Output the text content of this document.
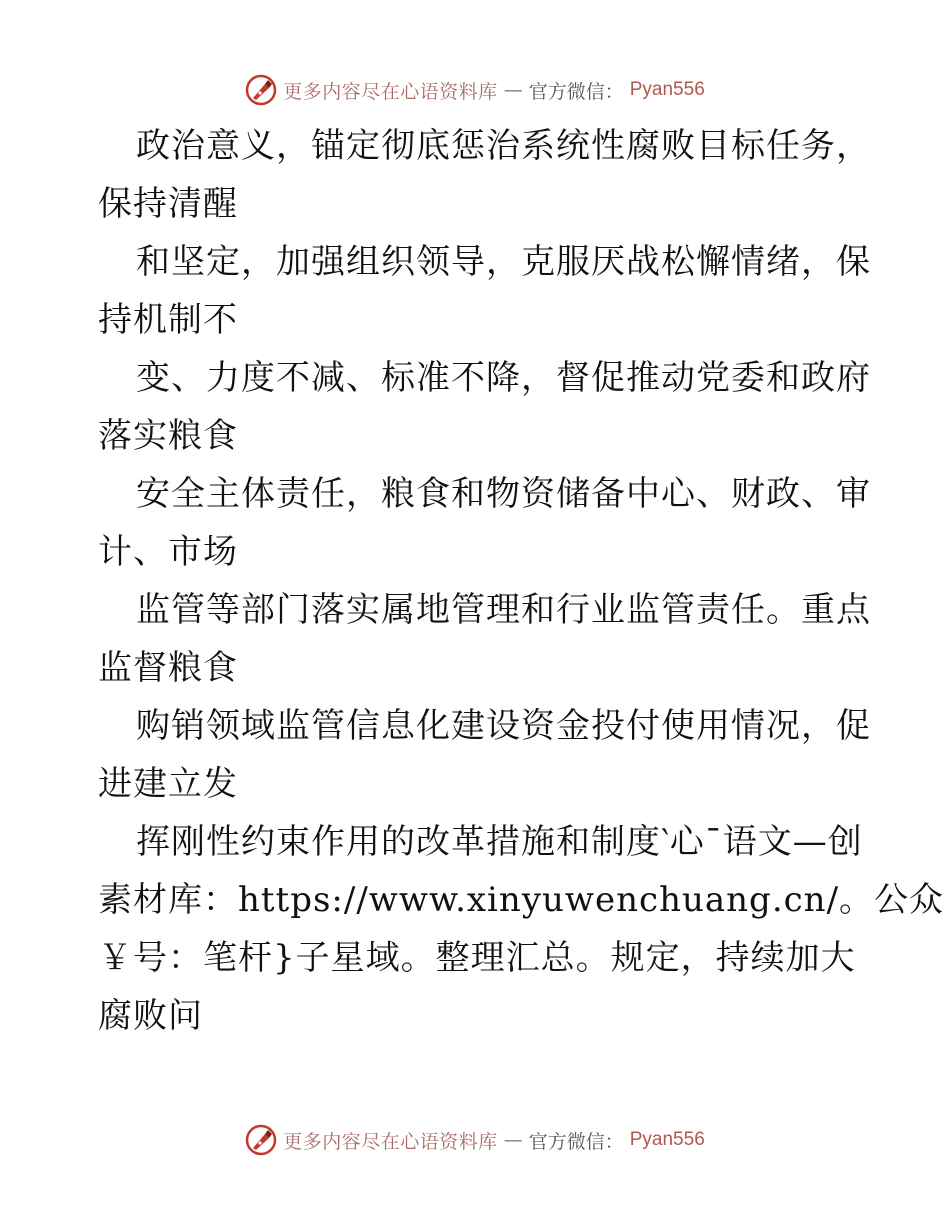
更多内容尽在心语资料库 — 官方微信： Pyan556
政治意义，锚定彻底惩治系统性腐败目标任务，
保持清醒
和坚定，加强组织领导，克服厌战松懈情绪，保
持机制不
变、力度不减、标准不降，督促推动党委和政府
落实粮食
安全主体责任，粮食和物资储备中心、财政、审
计、市场
监管等部门落实属地管理和行业监管责任。重点
监督粮食
购销领域监管信息化建设资金投付使用情况，促
进建立发
挥刚性约束作用的改革措施和制度‵心¯语文—创
素材库：https://www.xinyuwenchuang.cn/。公众
￥号：笔杆}子星域。整理汇总。规定，持续加大
腐败问
更多内容尽在心语资料库 — 官方微信： Pyan556
